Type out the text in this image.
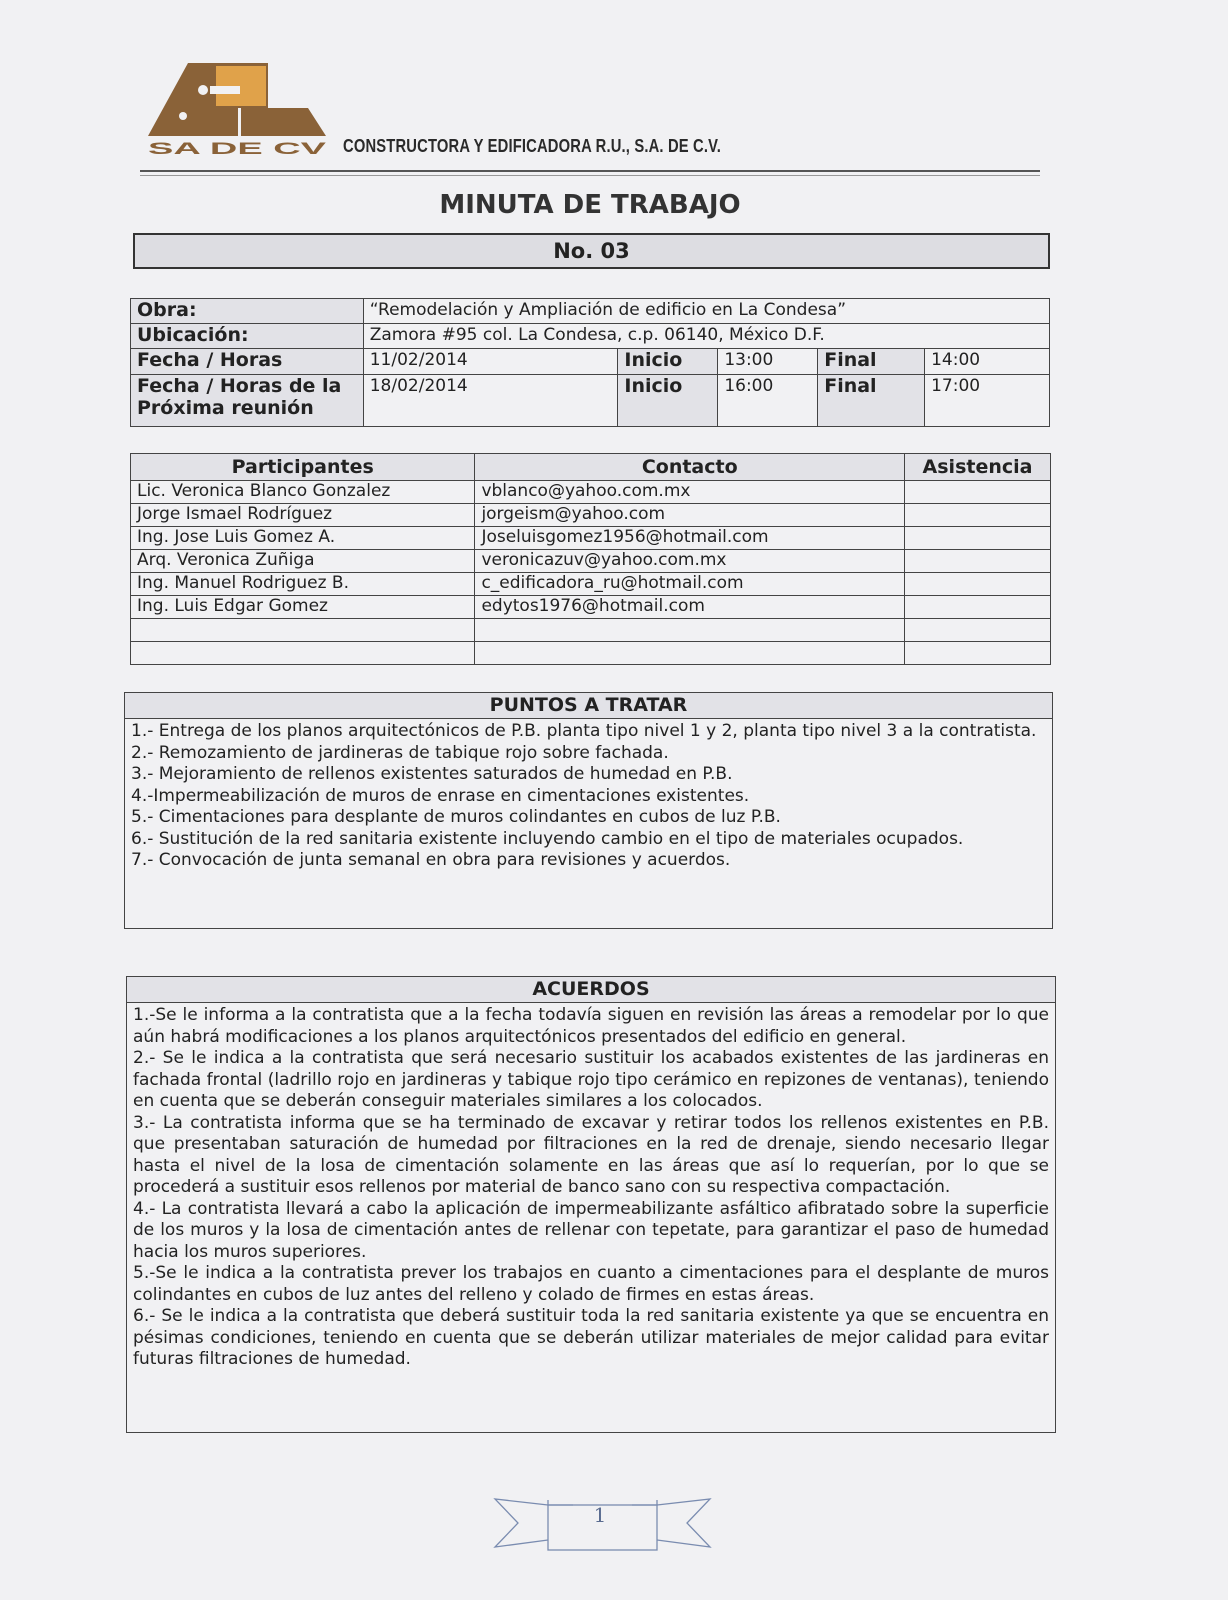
SA DE CV CONSTRUCTORA Y EDIFICADORA R.U., S.A. DE C.V.
MINUTA DE TRABAJO
No. 03
Obra:	“Remodelación y Ampliación de edificio en La Condesa”				
Ubicación:	Zamora #95 col. La Condesa, c.p. 06140, México D.F.				
Fecha / Horas	11/02/2014	Inicio	13:00	Final	14:00
Fecha / Horas de la Próxima reunión	18/02/2014	Inicio	16:00	Final	17:00
Participantes	Contacto	Asistencia
Lic. Veronica Blanco Gonzalez	vblanco@yahoo.com.mx	
Jorge Ismael Rodríguez	jorgeism@yahoo.com	
Ing. Jose Luis Gomez A.	Joseluisgomez1956@hotmail.com	
Arq. Veronica Zuñiga	veronicazuv@yahoo.com.mx	
Ing. Manuel Rodriguez B.	c_edificadora_ru@hotmail.com	
Ing. Luis Edgar Gomez	edytos1976@hotmail.com	

PUNTOS A TRATAR

1.- Entrega de los planos arquitectónicos de P.B. planta tipo nivel 1 y 2, planta tipo nivel 3 a la contratista.

2.- Remozamiento de jardineras de tabique rojo sobre fachada.

3.- Mejoramiento de rellenos existentes saturados de humedad en P.B.

4.-Impermeabilización de muros de enrase en cimentaciones existentes.

5.- Cimentaciones para desplante de muros colindantes en cubos de luz P.B.

6.- Sustitución de la red sanitaria existente incluyendo cambio en el tipo de materiales ocupados.

7.- Convocación de junta semanal en obra para revisiones y acuerdos.

ACUERDOS

1.-Se le informa a la contratista que a la fecha todavía siguen en revisión las áreas a remodelar por lo que aún habrá modificaciones a los planos arquitectónicos presentados del edificio en general.

2.- Se le indica a la contratista que será necesario sustituir los acabados existentes de las jardineras en fachada frontal (ladrillo rojo en jardineras y tabique rojo tipo cerámico en repizones de ventanas), teniendo en cuenta que se deberán conseguir materiales similares a los colocados.

3.- La contratista informa que se ha terminado de excavar y retirar todos los rellenos existentes en P.B. que presentaban saturación de humedad por filtraciones en la red de drenaje, siendo necesario llegar hasta el nivel de la losa de cimentación solamente en las áreas que así lo requerían, por lo que se procederá a sustituir esos rellenos por material de banco sano con su respectiva compactación.

4.- La contratista llevará a cabo la aplicación de impermeabilizante asfáltico afibratado sobre la superficie de los muros y la losa de cimentación antes de rellenar con tepetate, para garantizar el paso de humedad hacia los muros superiores.

5.-Se le indica a la contratista prever los trabajos en cuanto a cimentaciones para el desplante de muros colindantes en cubos de luz antes del relleno y colado de firmes en estas áreas.

6.- Se le indica a la contratista que deberá sustituir toda la red sanitaria existente ya que se encuentra en pésimas condiciones, teniendo en cuenta que se deberán utilizar materiales de mejor calidad para evitar futuras filtraciones de humedad.

1
